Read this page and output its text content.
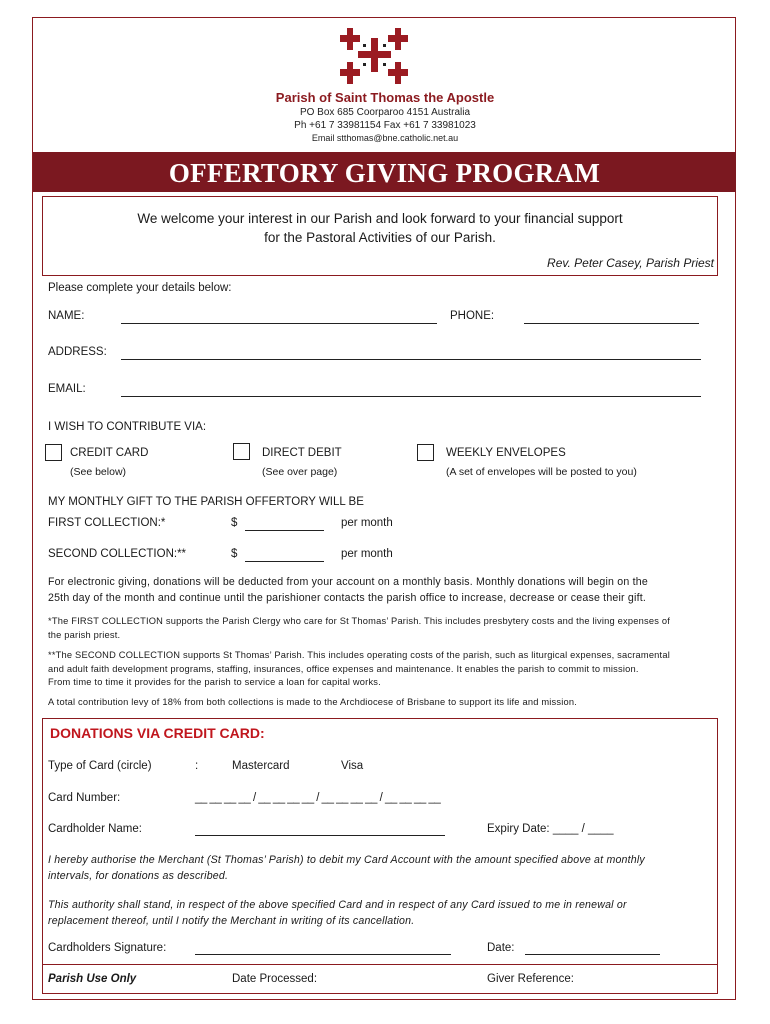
Parish of Saint Thomas the Apostle
PO Box 685 Coorparoo 4151 Australia
Ph +61 7 33981154 Fax +61 7 33981023
Email stthomas@bne.catholic.net.au
OFFERTORY GIVING PROGRAM
We welcome your interest in our Parish and look forward to your financial support
for the Pastoral Activities of our Parish.
Rev. Peter Casey, Parish Priest
Please complete your details below:
NAME:	PHONE:
ADDRESS:
EMAIL:
I WISH TO CONTRIBUTE VIA:
CREDIT CARD
(See below)
DIRECT DEBIT
(See over page)
WEEKLY ENVELOPES
(A set of envelopes will be posted to you)
MY MONTHLY GIFT TO THE PARISH OFFERTORY WILL BE
FIRST COLLECTION:*	$	per month
SECOND COLLECTION:**	$	per month
For electronic giving, donations will be deducted from your account on a monthly basis. Monthly donations will begin on the
25th day of the month and continue until the parishioner contacts the parish office to increase, decrease or cease their gift.
*The FIRST COLLECTION supports the Parish Clergy who care for St Thomas’ Parish. This includes presbytery costs and the living expenses of
the parish priest.
**The SECOND COLLECTION supports St Thomas’ Parish. This includes operating costs of the parish, such as liturgical expenses, sacramental
and adult faith development programs, staffing, insurances, office expenses and maintenance. It enables the parish to commit to mission.
From time to time it provides for the parish to service a loan for capital works.
A total contribution levy of 18% from both collections is made to the Archdiocese of Brisbane to support its life and mission.
DONATIONS VIA CREDIT CARD:
Type of Card (circle)	:	Mastercard	Visa
Card Number:	__ __ __ __ / __ __ __ __ / __ __ __ __ / __ __ __ __
Cardholder Name:	Expiry Date: ____ / ____
I hereby authorise the Merchant (St Thomas’ Parish) to debit my Card Account with the amount specified above at monthly
intervals, for donations as described.
This authority shall stand, in respect of the above specified Card and in respect of any Card issued to me in renewal or
replacement thereof, until I notify the Merchant in writing of its cancellation.
Cardholders Signature:	Date:
Parish Use Only	Date Processed:	Giver Reference:
